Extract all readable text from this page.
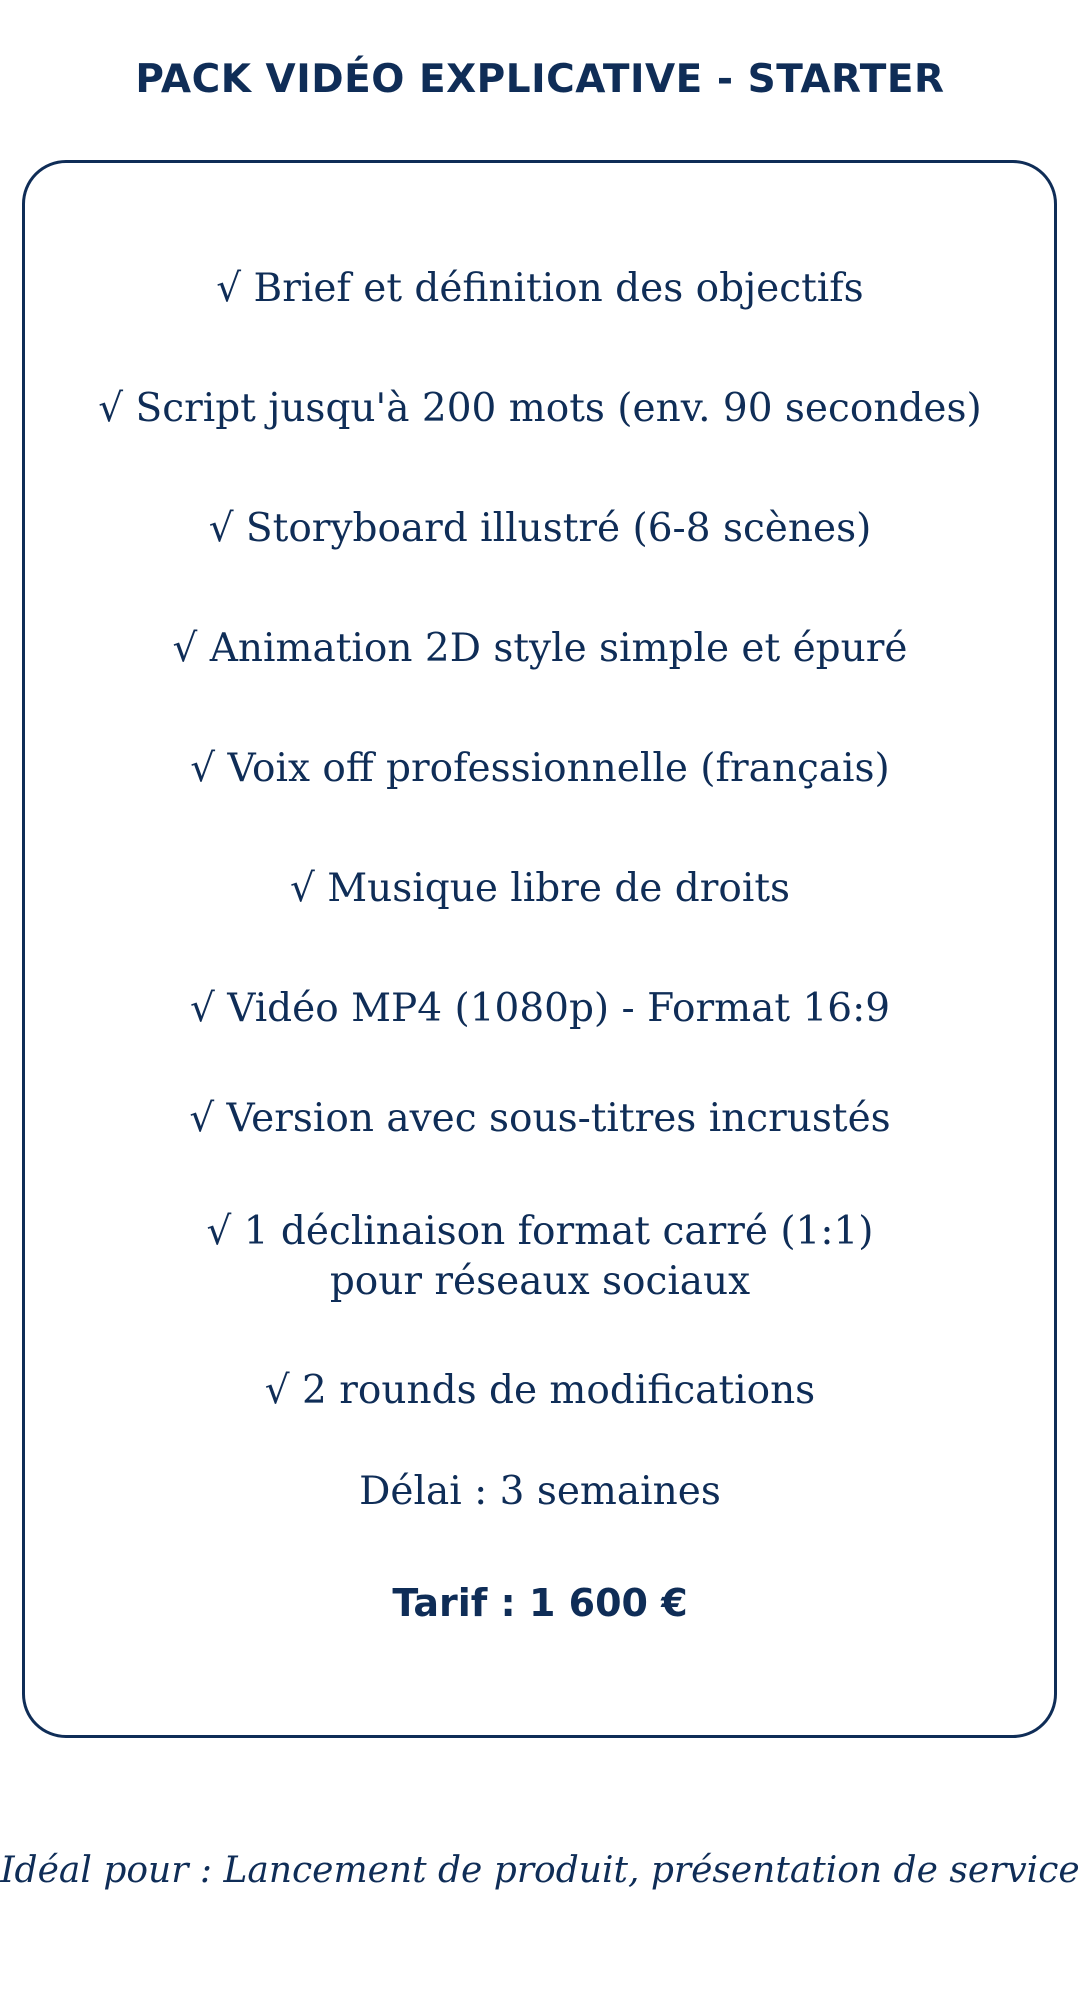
PACK VIDÉO EXPLICATIVE - STARTER
√ Brief et définition des objectifs
√ Script jusqu'à 200 mots (env. 90 secondes)
√ Storyboard illustré (6-8 scènes)
√ Animation 2D style simple et épuré
√ Voix off professionnelle (français)
√ Musique libre de droits
√ Vidéo MP4 (1080p) - Format 16:9
√ Version avec sous-titres incrustés
√ 1 déclinaison format carré (1:1)
pour réseaux sociaux
√ 2 rounds de modifications
Délai : 3 semaines
Tarif : 1 600 €
Idéal pour : Lancement de produit, présentation de service
